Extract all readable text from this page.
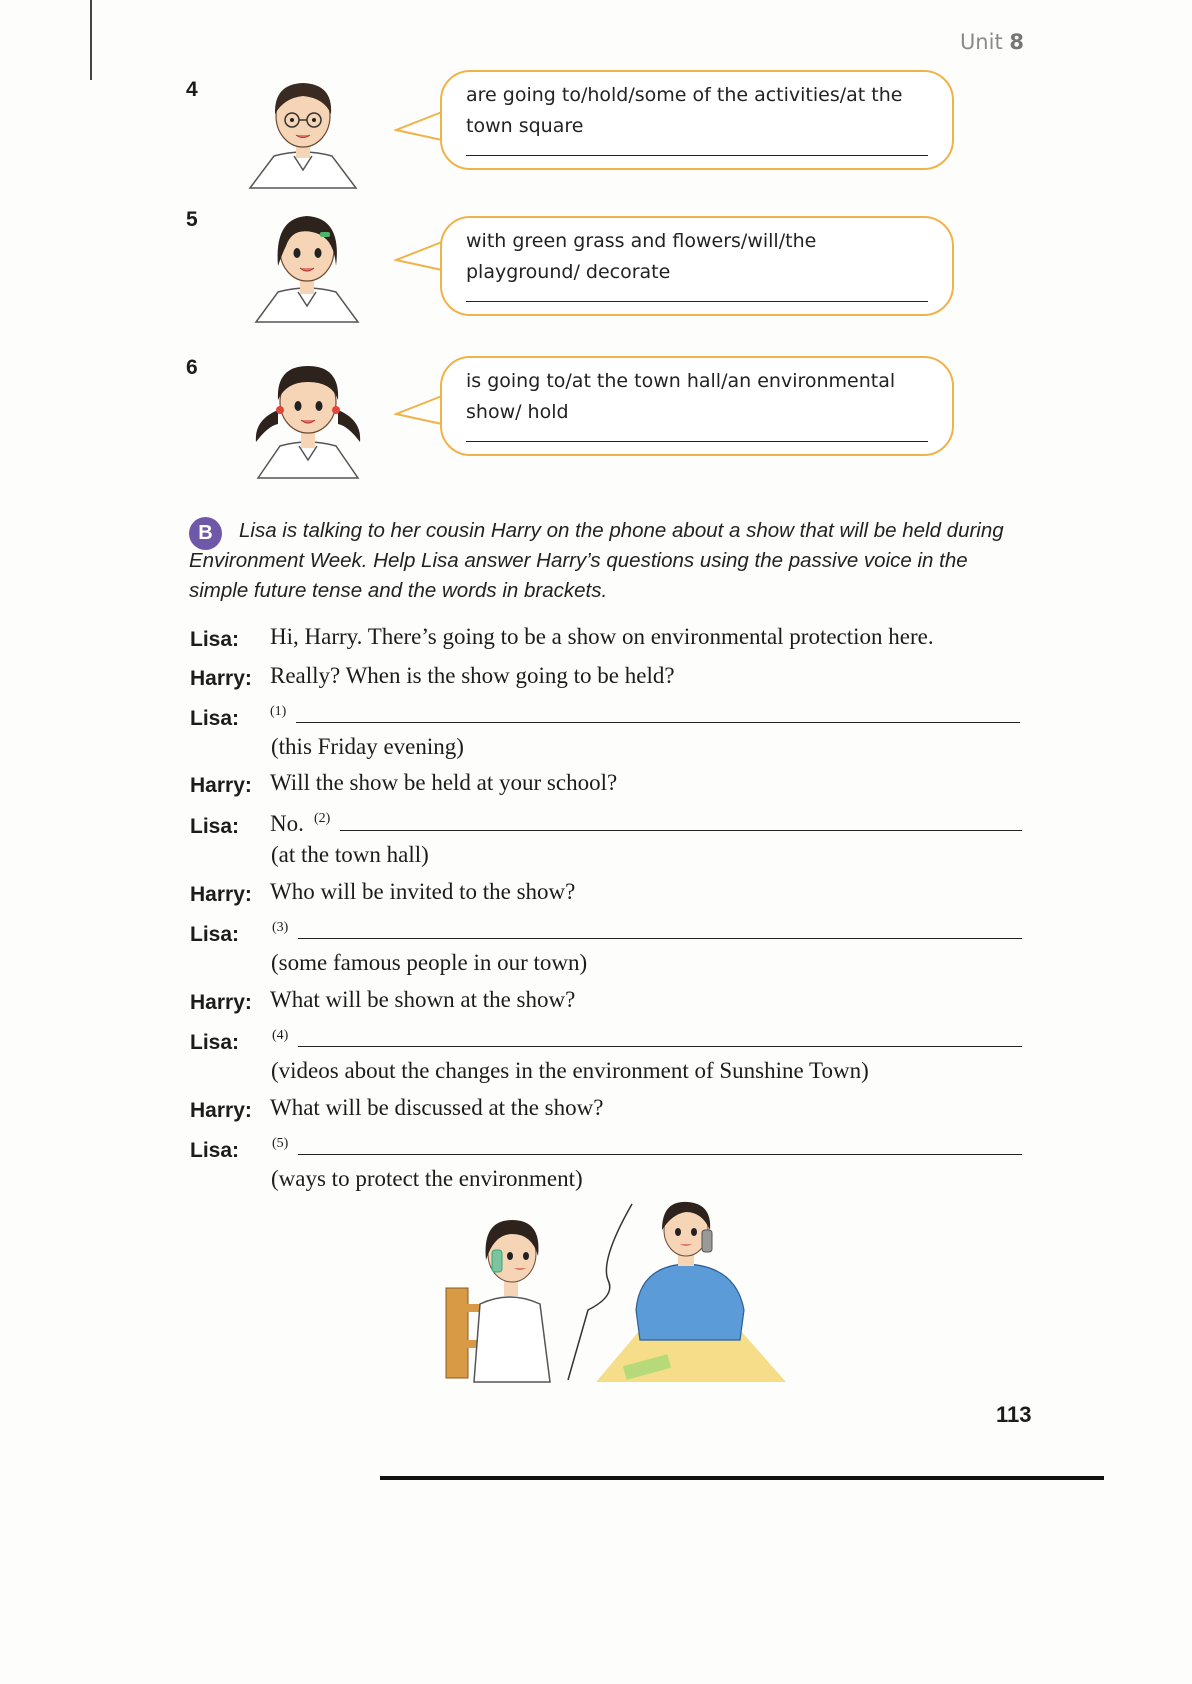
Unit 8
4	are going to/hold/some of the activities/at the town square
5
with green grass and flowers/will/the playground/ decorate
6
is going to/at the town hall/an environmental show/ hold
B	Lisa is talking to her cousin Harry on the phone about a show that will be held during Environment Week. Help Lisa answer Harry’s questions using the passive voice in the simple future tense and the words in brackets.
Lisa: Hi, Harry. There’s going to be a show on environmental protection here.
Harry: Really? When is the show going to be held?
Lisa: (1)
(this Friday evening)
Harry: Will the show be held at your school?
Lisa: No. (2)
(at the town hall)
Harry: Who will be invited to the show?
Lisa: (3)
(some famous people in our town)
Harry: What will be shown at the show?
Lisa: (4)
(videos about the changes in the environment of Sunshine Town)
Harry: What will be discussed at the show?
Lisa: (5)
(ways to protect the environment)
113
